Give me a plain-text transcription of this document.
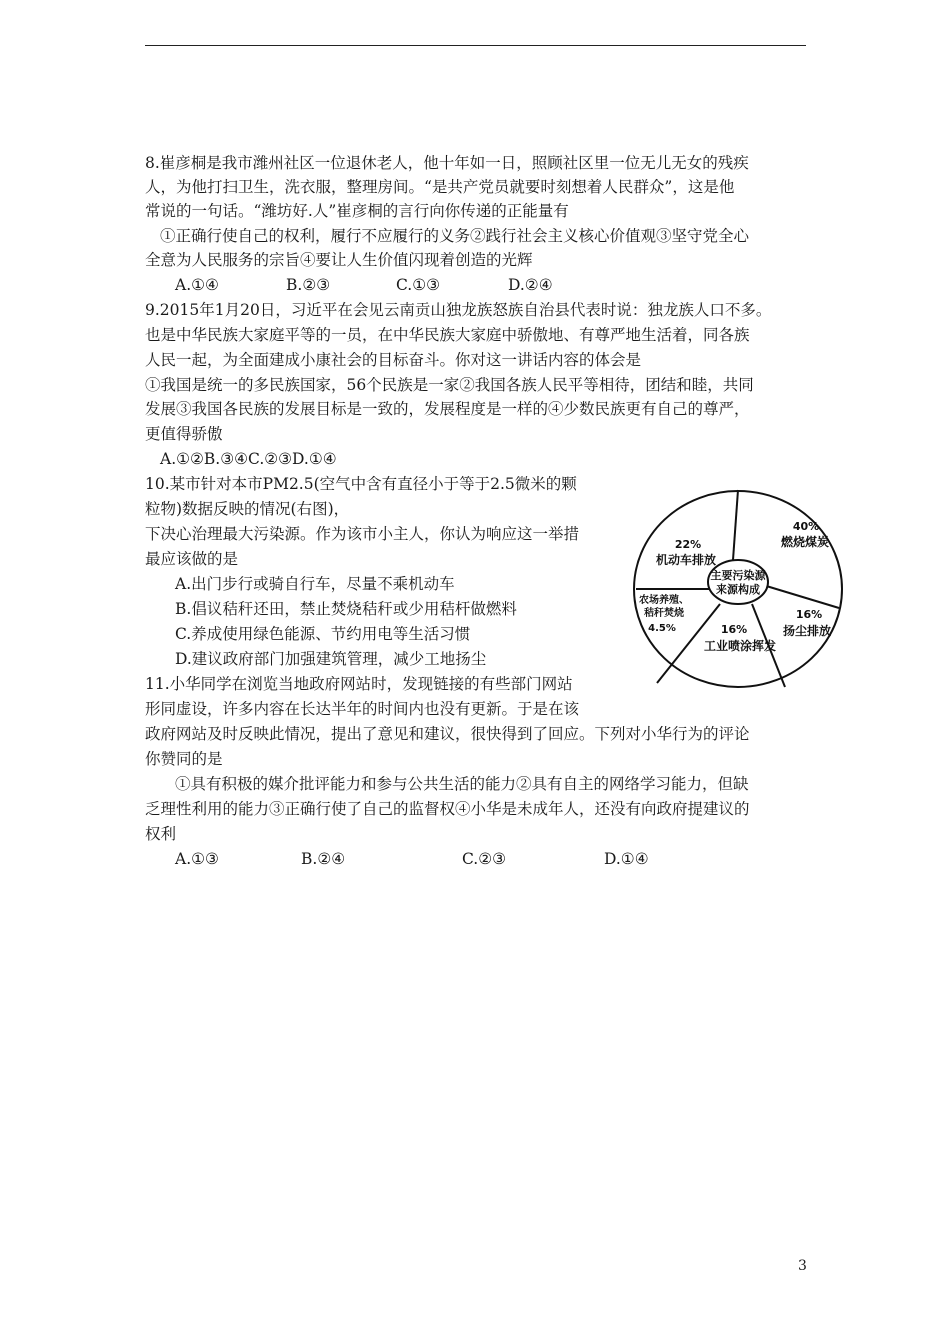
8.崔彦桐是我市潍州社区一位退休老人，他十年如一日，照顾社区里一位无儿无女的残疾
人，为他打扫卫生，洗衣服，整理房间。“是共产党员就要时刻想着人民群众”，这是他
常说的一句话。“潍坊好.人”崔彦桐的言行向你传递的正能量有
①正确行使自己的权利，履行不应履行的义务②践行社会主义核心价值观③坚守党全心
全意为人民服务的宗旨④要让人生价值闪现着创造的光辉
A.①④	B.②③	C.①③	D.②④
9.2015年1月20日，习近平在会见云南贡山独龙族怒族自治县代表时说：独龙族人口不多。
也是中华民族大家庭平等的一员，在中华民族大家庭中骄傲地、有尊严地生活着，同各族
人民一起，为全面建成小康社会的目标奋斗。你对这一讲话内容的体会是
①我国是统一的多民族国家，56个民族是一家②我国各族人民平等相待，团结和睦，共同
发展③我国各民族的发展目标是一致的，发展程度是一样的④少数民族更有自己的尊严，
更值得骄傲
A.①②B.③④C.②③D.①④
10.某市针对本市PM2.5(空气中含有直径小于等于2.5微米的颗
粒物)数据反映的情况(右图)，
下决心治理最大污染源。作为该市小主人，你认为响应这一举措
最应该做的是
A.出门步行或骑自行车，尽量不乘机动车
B.倡议秸秆还田，禁止焚烧秸秆或少用秸杆做燃料
C.养成使用绿色能源、节约用电等生活习惯
D.建议政府部门加强建筑管理，减少工地扬尘
主要污染源
来源构成
40%
燃烧煤炭
16%
扬尘排放
16%
工业喷涂挥发
农场养殖、
秸秆焚烧
4.5%
22%
机动车排放
11.小华同学在浏览当地政府网站时，发现链接的有些部门网站
形同虚设，许多内容在长达半年的时间内也没有更新。于是在该
政府网站及时反映此情况，提出了意见和建议，很快得到了回应。下列对小华行为的评论
你赞同的是
①具有积极的媒介批评能力和参与公共生活的能力②具有自主的网络学习能力，但缺
乏理性利用的能力③正确行使了自己的监督权④小华是未成年人，还没有向政府提建议的
权利
A.①③	B.②④	C.②③	D.①④
3
